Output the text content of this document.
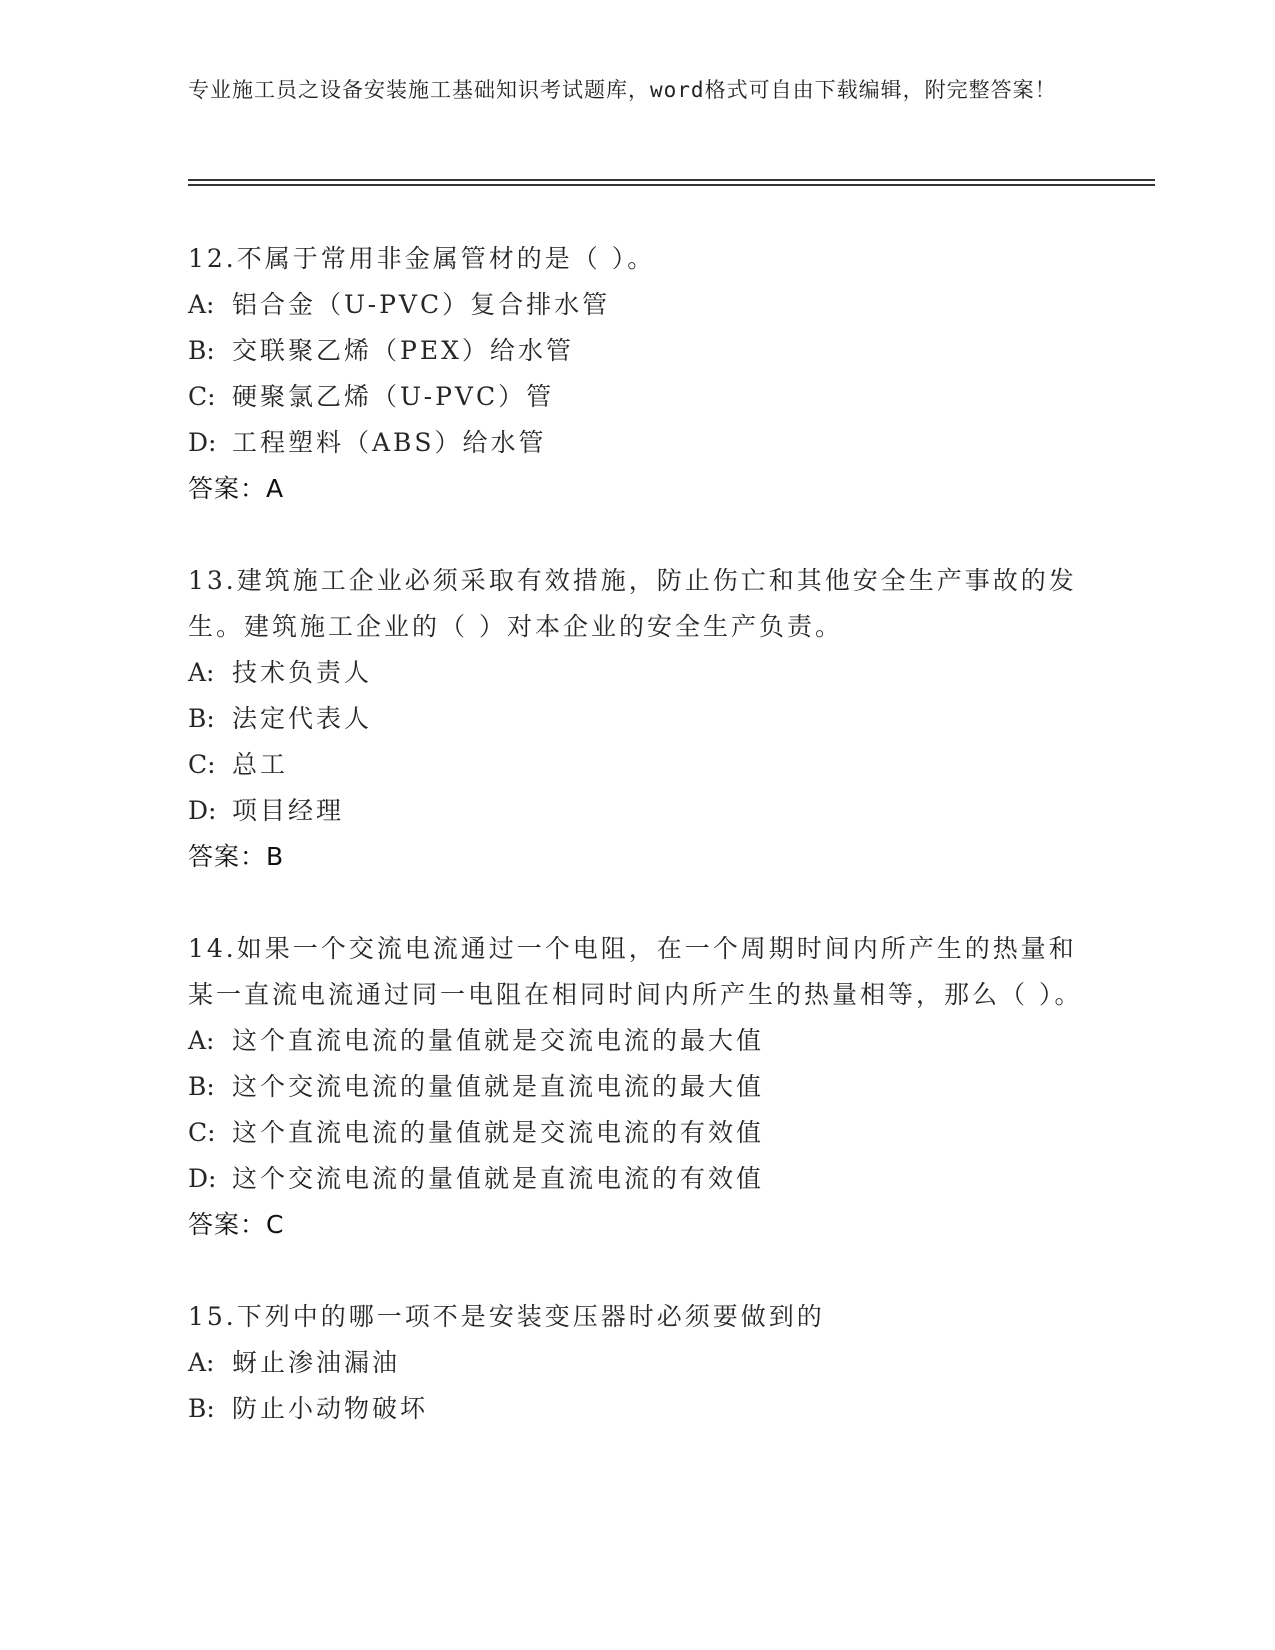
专业施工员之设备安装施工基础知识考试题库，word格式可自由下载编辑，附完整答案！
12.不属于常用非金属管材的是（ ）。
A: 铝合金（U-PVC）复合排水管
B: 交联聚乙烯（PEX）给水管
C: 硬聚氯乙烯（U-PVC）管
D: 工程塑料（ABS）给水管
答案：A
13.建筑施工企业必须采取有效措施，防止伤亡和其他安全生产事故的发生。建筑施工企业的（ ）对本企业的安全生产负责。
A: 技术负责人
B: 法定代表人
C: 总工
D: 项目经理
答案：B
14.如果一个交流电流通过一个电阻，在一个周期时间内所产生的热量和某一直流电流通过同一电阻在相同时间内所产生的热量相等，那么（ ）。
A: 这个直流电流的量值就是交流电流的最大值
B: 这个交流电流的量值就是直流电流的最大值
C: 这个直流电流的量值就是交流电流的有效值
D: 这个交流电流的量值就是直流电流的有效值
答案：C
15.下列中的哪一项不是安装变压器时必须要做到的
A: 蚜止渗油漏油
B: 防止小动物破坏
